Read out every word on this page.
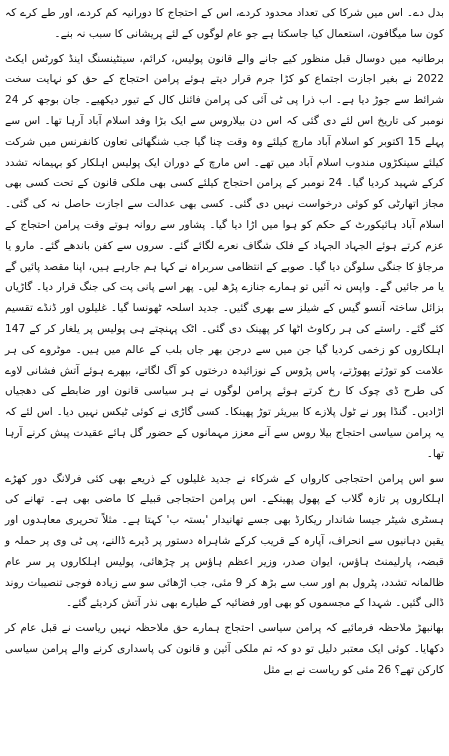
بدل دے۔ اس میں شرکا کی تعداد محدود کردے، اس کے احتجاج کا دورانیہ کم کردے، اور طے کرے کہ کون سا میگافون، استعمال کیا جاسکتا ہے جو عام لوگوں کے لئے پریشانی کا سبب نہ بنے۔

برطانیہ میں دوسال قبل منظور کیے جانے والے قانون پولیس، کرائم، سینٹینسنگ اینڈ کورٹس ایکٹ 2022 نے بغیر اجازت اجتماع کو کڑا جرم قرار دیتے ہوئے پرامن احتجاج کے حق کو نہایت سخت شرائط سے جوڑ دیا ہے۔ اب ذرا پی ٹی آئی کی پرامن فائنل کال کے تیور دیکھیے۔ جان بوجھ کر 24 نومبر کی تاریخ اس لئے دی گئی کہ اس دن بیلاروس سے ایک بڑا وفد اسلام آباد آرہا تھا۔ اس سے پہلے 15 اکتوبر کو اسلام آباد مارچ کیلئے وہ وقت چنا گیا جب شنگھائی تعاون کانفرنس میں شرکت کیلئے سینکڑوں مندوب اسلام آباد میں تھے۔ اس مارچ کے دوران ایک پولیس اہلکار کو بہیمانہ تشدد کرکے شہید کردیا گیا۔ 24 نومبر کے پرامن احتجاج کیلئے کسی بھی ملکی قانون کے تحت کسی بھی مجاز اتھارٹی کو کوئی درخواست نہیں دی گئی۔ کسی بھی عدالت سے اجازت حاصل نہ کی گئی۔ اسلام آباد ہائیکورٹ کے حکم کو ہوا میں اڑا دیا گیا۔ پشاور سے روانہ ہوتے وقت پرامن احتجاج کے عزم کرتے ہوئے الجہاد الجہاد کے فلک شگاف نعرے لگائے گئے۔ سروں سے کفن باندھے گئے۔ مارو یا مرجاؤ کا جنگی سلوگن دیا گیا۔ صوبے کے انتظامی سربراہ نے کہا ہم جارہے ہیں، اپنا مقصد پائیں گے یا مر جائیں گے۔ واپس نہ آئیں تو ہمارے جنازے پڑھ لیں۔ پھر اسے پانی پت کی جنگ قرار دیا۔ گاڑیاں بزائل ساختہ آنسو گیس کے شیلز سے بھری گئیں۔ جدید اسلحہ ٹھونسا گیا۔ غلیلوں اور ڈنڈے تقسیم کئے گئے۔ راستے کی ہر رکاوٹ اٹھا کر پھینک دی گئی۔ اٹک پہنچتے ہی پولیس پر یلغار کر کے 147 اہلکاروں کو زخمی کردیا گیا جن میں سے درجن بھر جاں بلب کے عالم میں ہیں۔ موٹروے کی ہر علامت کو توڑتے پھوڑتے، پاس پڑوس کے نوزائیدہ درختوں کو آگ لگاتے، بپھرے ہوئے آتش فشانی لاوے کی طرح ڈی چوک کا رخ کرتے ہوئے پرامن لوگوں نے ہر سیاسی قانون اور ضابطے کی دھجیاں اڑادیں۔ گنڈا پور نے ٹول پلازے کا بیریئر توڑ پھینکا۔ کسی گاڑی نے کوئی ٹیکس نہیں دیا۔ اس لئے کہ یہ پرامن سیاسی احتجاج بیلا روس سے آنے معزز مہمانوں کے حضور گل ہائے عقیدت پیش کرنے آرہا تھا۔

سو اس پرامن احتجاجی کارواں کے شرکاء نے جدید غلیلوں کے ذریعے بھی کئی فرلانگ دور کھڑے اہلکاروں پر تازہ گلاب کے پھول پھینکے۔ اس پرامن احتجاجی قبیلے کا ماضی بھی ہے۔ تھانے کی ہسٹری شیٹر جیسا شاندار ریکارڈ بھی جسے تھانیدار 'بستہ ب' کہتا ہے۔ مثلاً تحریری معاہدوں اور یقین دہانیوں سے انحراف، آپارہ کے قریب کرکے شاہراہ دستور پر ڈیرے ڈالنے، پی ٹی وی پر حملہ و قبضہ، پارلیمنٹ ہاؤس، ایوان صدر، وزیر اعظم ہاؤس پر چڑھائی، پولیس اہلکاروں پر سر عام ظالمانہ تشدد، پٹرول بم اور سب سے بڑھ کر 9 مئی، جب اڑھائی سو سے زیادہ فوجی تنصیبات روند ڈالی گئیں۔ شہدا کے مجسموں کو بھی اور فضائیہ کے طیارے بھی نذر آتش کردیئے گئے۔

بھانبھڑ ملاحظہ فرمائیے کہ پرامن سیاسی احتجاج ہمارے حق ملاحظہ نہیں ریاست نے قبل عام کر دکھایا۔ کوئی ایک معتبر دلیل تو دو کہ تم ملکی آئین و قانون کی پاسداری کرنے والے پرامن سیاسی کارکن تھے؟ 26 مئی کو ریاست نے بے مثل
